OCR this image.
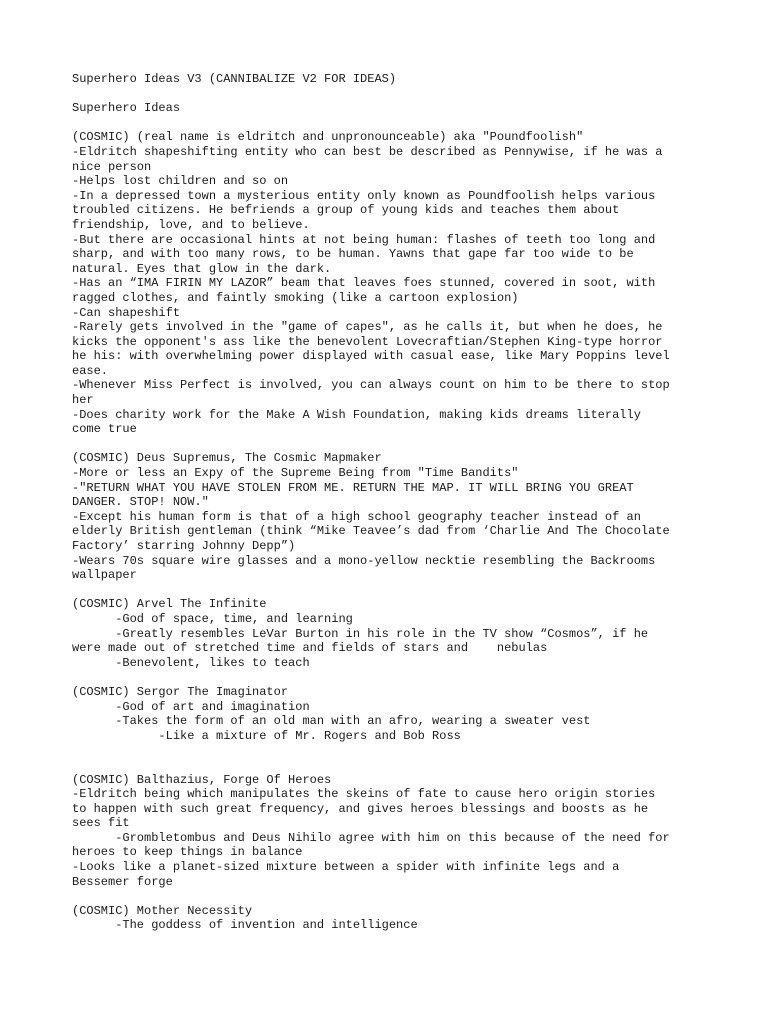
Superhero Ideas V3 (CANNIBALIZE V2 FOR IDEAS)
Superhero Ideas
(COSMIC) (real name is eldritch and unpronounceable) aka "Poundfoolish"
-Eldritch shapeshifting entity who can best be described as Pennywise, if he was a
nice person
-Helps lost children and so on
-In a depressed town a mysterious entity only known as Poundfoolish helps various
troubled citizens. He befriends a group of young kids and teaches them about
friendship, love, and to believe.
-But there are occasional hints at not being human: flashes of teeth too long and
sharp, and with too many rows, to be human. Yawns that gape far too wide to be
natural. Eyes that glow in the dark.
-Has an “IMA FIRIN MY LAZOR” beam that leaves foes stunned, covered in soot, with
ragged clothes, and faintly smoking (like a cartoon explosion)
-Can shapeshift
-Rarely gets involved in the "game of capes", as he calls it, but when he does, he
kicks the opponent's ass like the benevolent Lovecraftian/Stephen King-type horror
he his: with overwhelming power displayed with casual ease, like Mary Poppins level
ease.
-Whenever Miss Perfect is involved, you can always count on him to be there to stop
her
-Does charity work for the Make A Wish Foundation, making kids dreams literally
come true
(COSMIC) Deus Supremus, The Cosmic Mapmaker
-More or less an Expy of the Supreme Being from "Time Bandits"
-"RETURN WHAT YOU HAVE STOLEN FROM ME. RETURN THE MAP. IT WILL BRING YOU GREAT
DANGER. STOP! NOW."
-Except his human form is that of a high school geography teacher instead of an
elderly British gentleman (think “Mike Teavee’s dad from ‘Charlie And The Chocolate
Factory’ starring Johnny Depp”)
-Wears 70s square wire glasses and a mono-yellow necktie resembling the Backrooms
wallpaper
(COSMIC) Arvel The Infinite
-God of space, time, and learning
-Greatly resembles LeVar Burton in his role in the TV show “Cosmos”, if he
were made out of stretched time and fields of stars and    nebulas
-Benevolent, likes to teach
(COSMIC) Sergor The Imaginator
-God of art and imagination
-Takes the form of an old man with an afro, wearing a sweater vest
-Like a mixture of Mr. Rogers and Bob Ross
(COSMIC) Balthazius, Forge Of Heroes
-Eldritch being which manipulates the skeins of fate to cause hero origin stories
to happen with such great frequency, and gives heroes blessings and boosts as he
sees fit
-Grombletombus and Deus Nihilo agree with him on this because of the need for
heroes to keep things in balance
-Looks like a planet-sized mixture between a spider with infinite legs and a
Bessemer forge
(COSMIC) Mother Necessity
-The goddess of invention and intelligence
